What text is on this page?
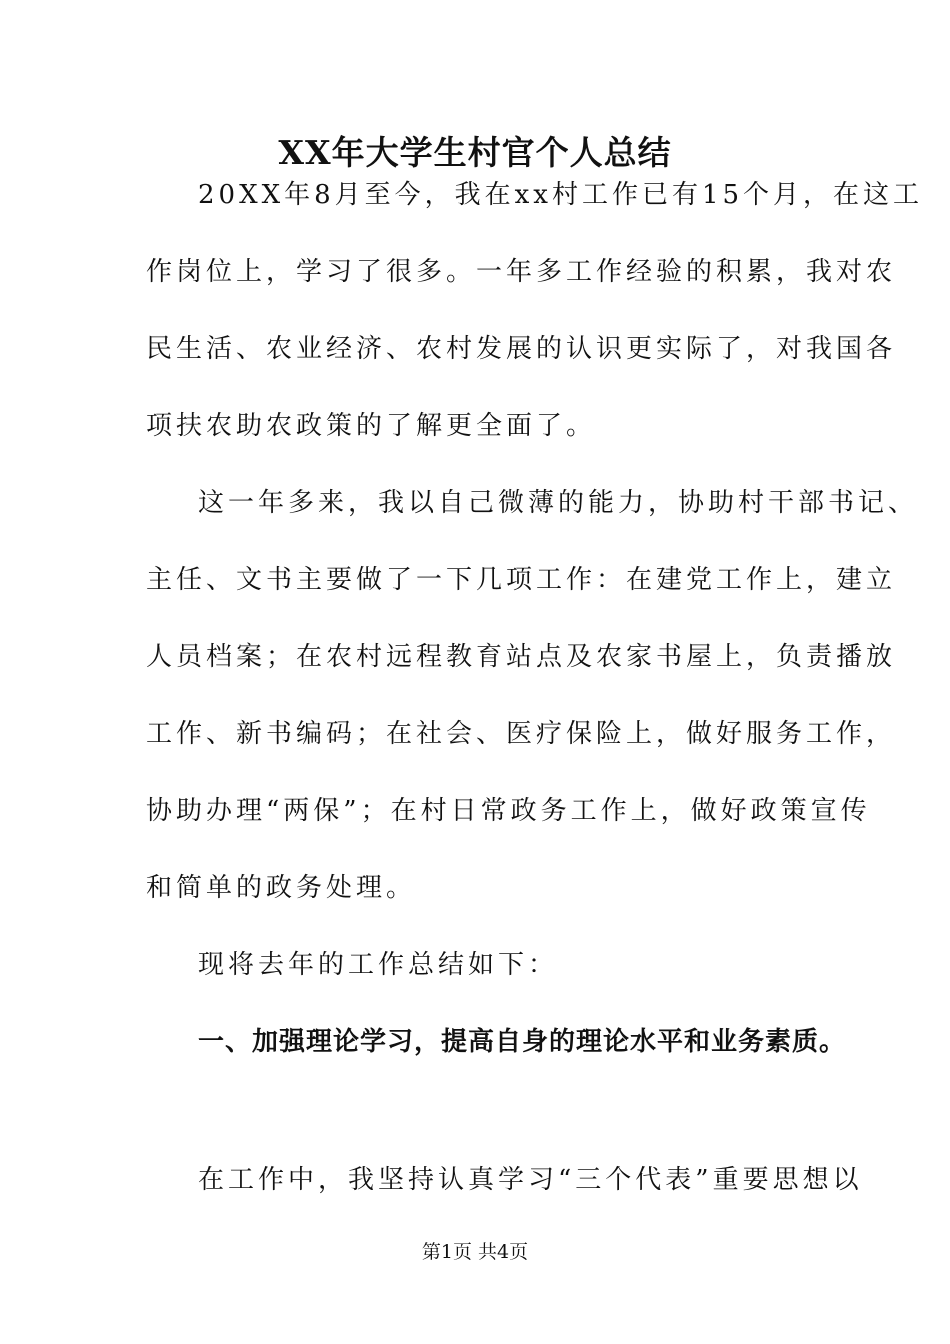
XX年大学生村官个人总结
20XX年8月至今，我在xx村工作已有15个月，在这工
作岗位上，学习了很多。一年多工作经验的积累，我对农
民生活、农业经济、农村发展的认识更实际了，对我国各
项扶农助农政策的了解更全面了。
这一年多来，我以自己微薄的能力，协助村干部书记、
主任、文书主要做了一下几项工作：在建党工作上，建立
人员档案；在农村远程教育站点及农家书屋上，负责播放
工作、新书编码；在社会、医疗保险上，做好服务工作，
协助办理“两保”；在村日常政务工作上，做好政策宣传
和简单的政务处理。
现将去年的工作总结如下：
一、加强理论学习，提高自身的理论水平和业务素质。
在工作中，我坚持认真学习“三个代表”重要思想以
第1页 共4页
